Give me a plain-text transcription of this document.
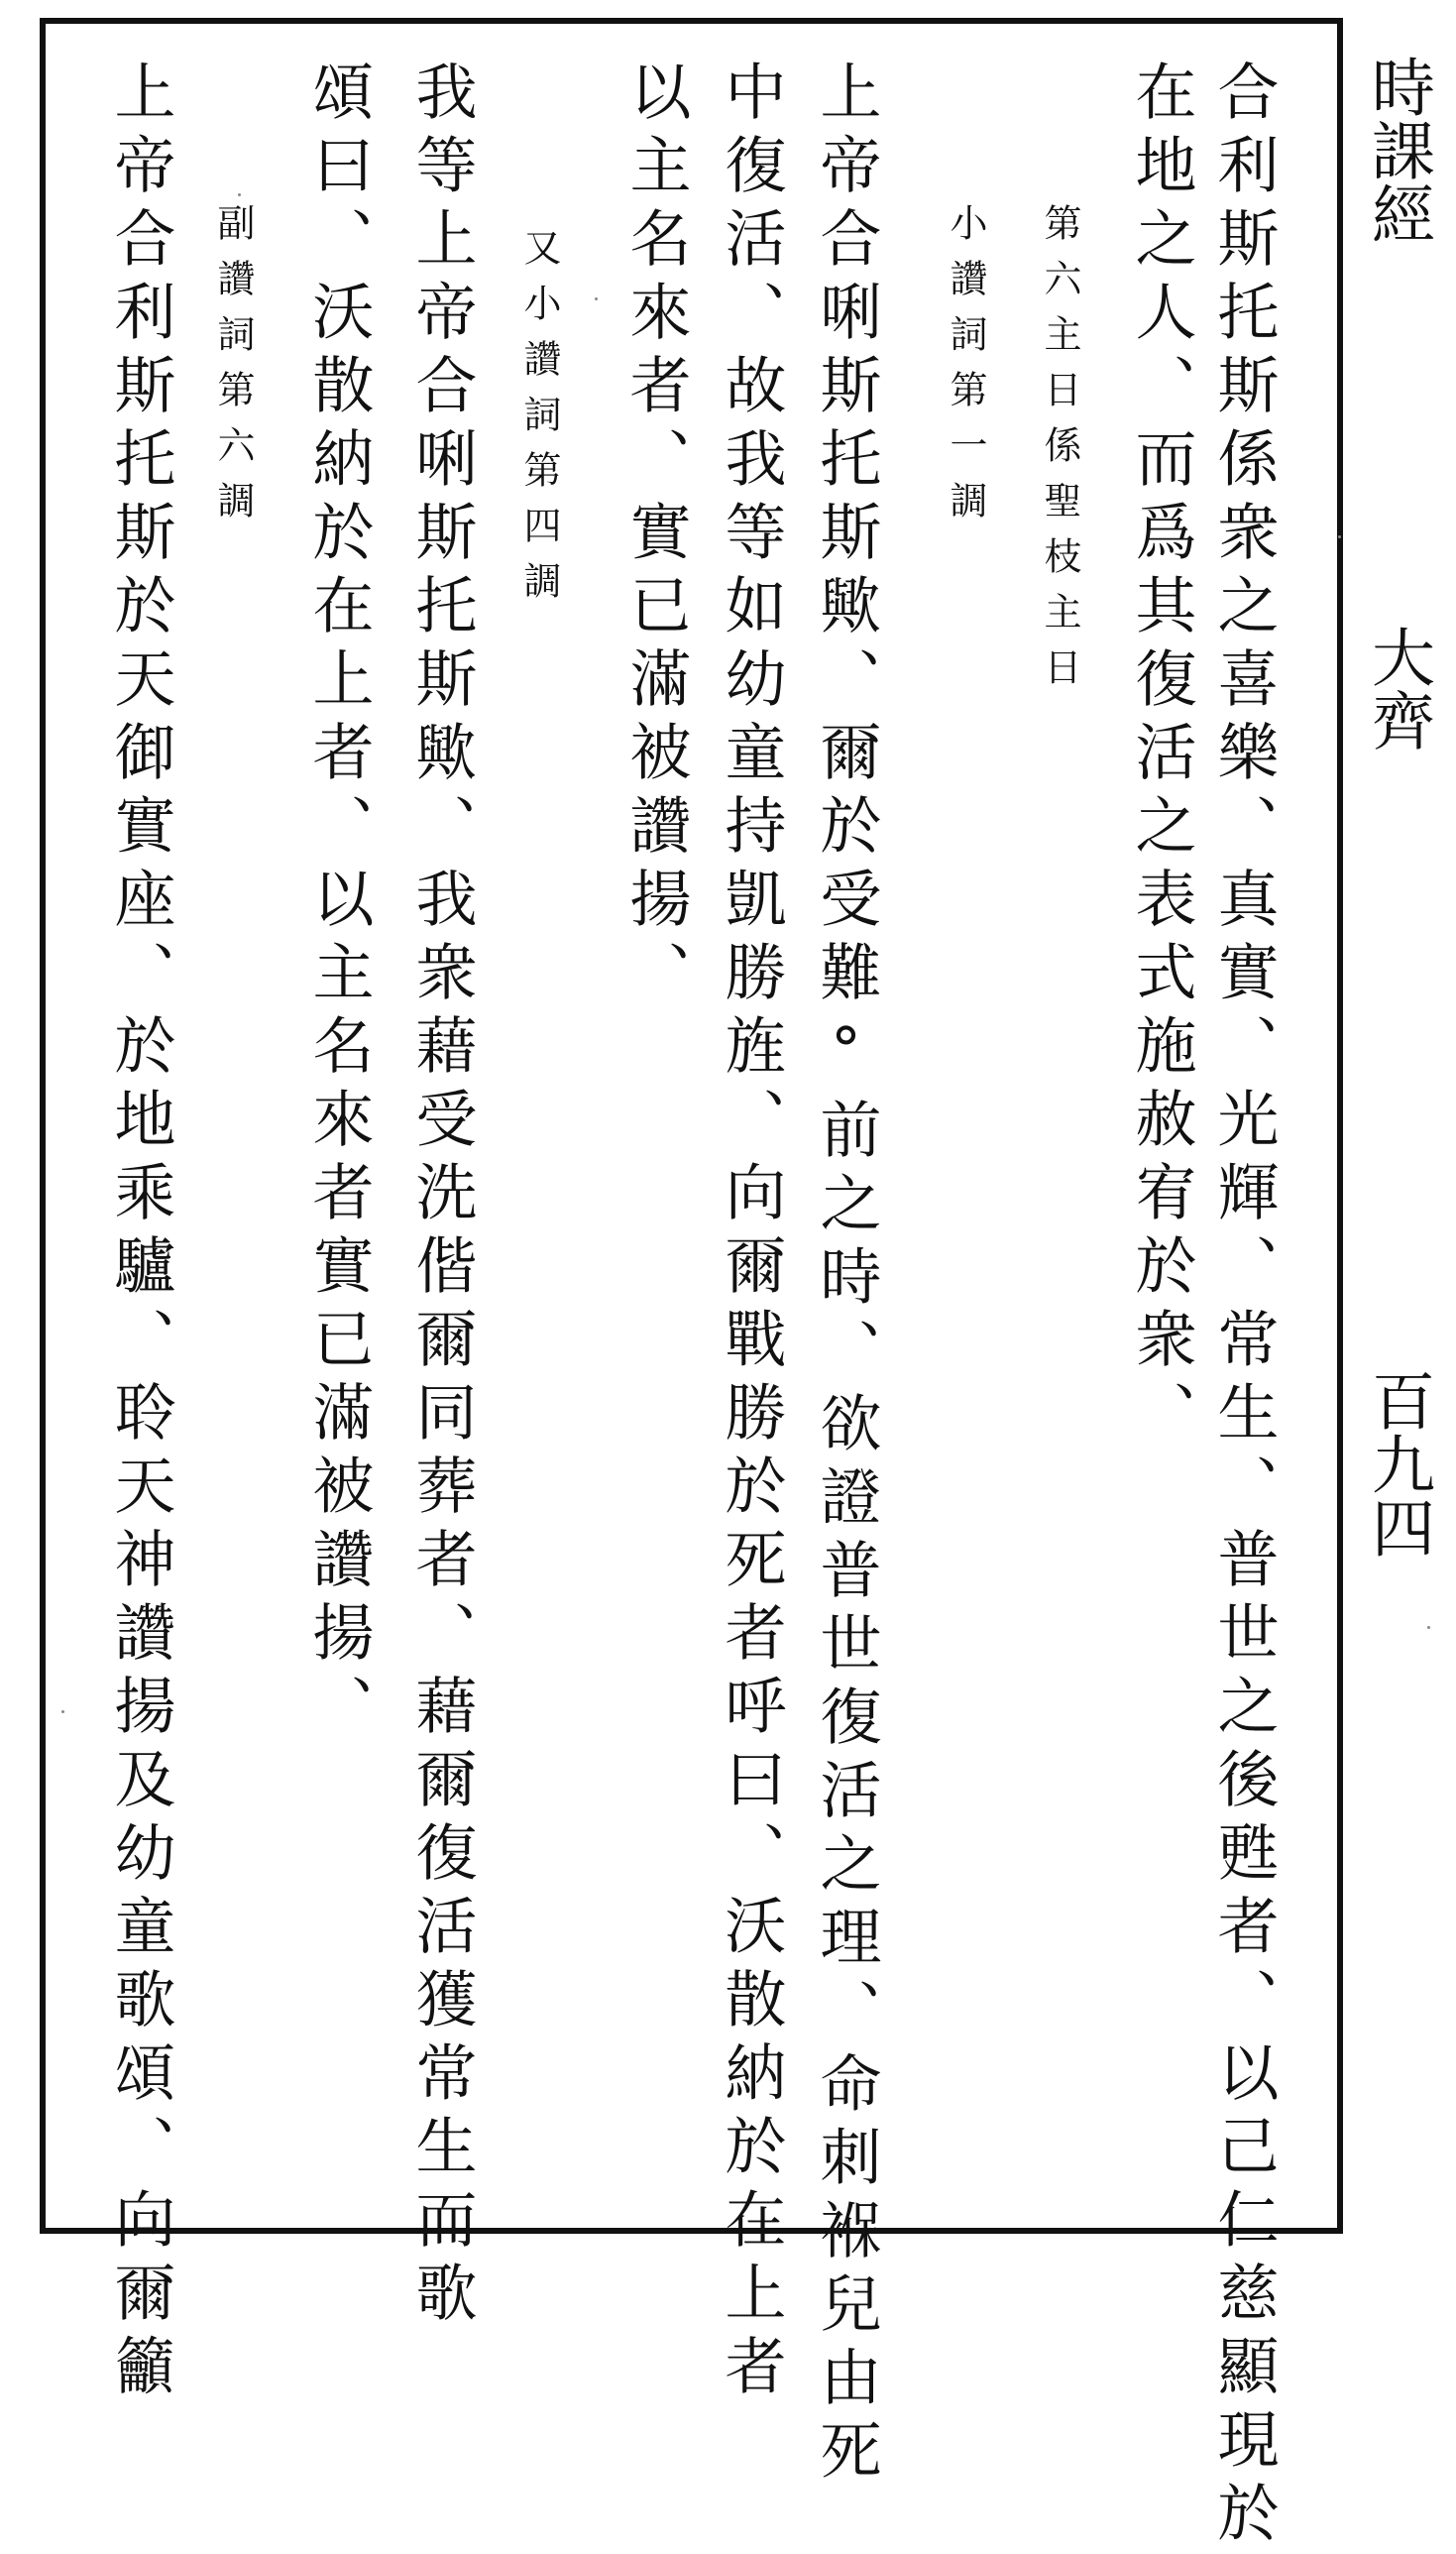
時課經
大齊
百九四
合利斯托斯係衆之喜樂、真實、光輝、常生、普世之後甦者、以己仁慈顯現於
在地之人、而爲其復活之表式施赦宥於衆、
第六主日係聖枝主日
小讚詞第一調
上帝合唎斯托斯歟、爾於受難°前之時、欲證普世復活之理、命刺褓兒由死
中復活、故我等如幼童持凱勝旌、向爾戰勝於死者呼曰、沃散納於在上者
以主名來者、實已滿被讚揚、
又小讚詞第四調
我等上帝合唎斯托斯歟、我衆藉受洗偕爾同葬者、藉爾復活獲常生而歌
頌曰、沃散納於在上者、以主名來者實已滿被讚揚、
副讚詞第六調
上帝合利斯托斯於天御實座、於地乘驢、聆天神讚揚及幼童歌頌、向爾籲
